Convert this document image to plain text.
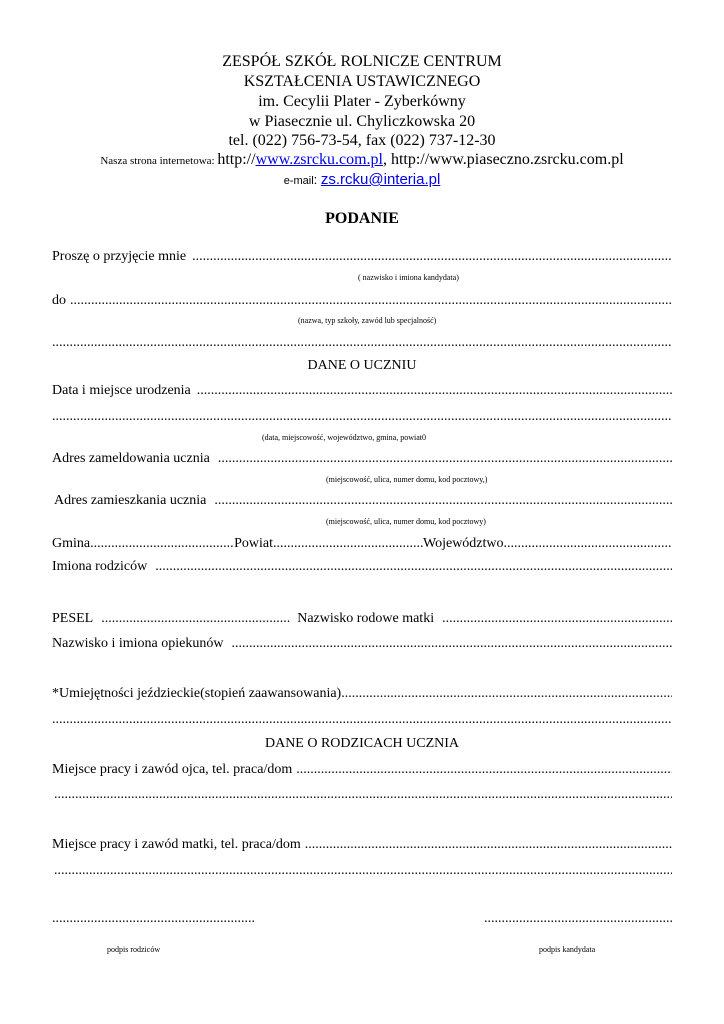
ZESPÓŁ SZKÓŁ ROLNICZE CENTRUM
KSZTAŁCENIA USTAWICZNEGO
im. Cecylii Plater - Zyberkówny
w Piasecznie ul. Chyliczkowska 20
tel. (022) 756-73-54, fax (022) 737-12-30
Nasza strona internetowa: http://www.zsrcku.com.pl, http://www.piaseczno.zsrcku.com.pl
e-mail: zs.rcku@interia.pl
PODANIE
Proszę o przyjęcie mnie
.....
( nazwisko i imiona kandydata)
do
.....
(nazwa, typ szkoły, zawód lub specjalność)
.....
DANE O UCZNIU
Data i miejsce urodzenia
.....
.....
(data, miejscowość, województwo, gmina, powiat0
Adres zameldowania ucznia
.....
(miejscowość, ulica, numer domu, kod pocztowy,)
Adres zamieszkania ucznia
.....
(miejscowość, ulica, numer domu, kod pocztowy)
Gmina .....	Powiat .....	Województwo
.....
Imiona rodziców
.....
PESEL .....	Nazwisko rodowe matki
.....
Nazwisko i imiona opiekunów
.....
*Umiejętności jeździeckie(stopień zaawansowania)
.....
.....
DANE O RODZICACH UCZNIA
Miejsce pracy i zawód ojca, tel. praca/dom
.....
.....
Miejsce pracy i zawód matki, tel. praca/dom
.....
.....
.....
.....
podpis rodziców	podpis kandydata
